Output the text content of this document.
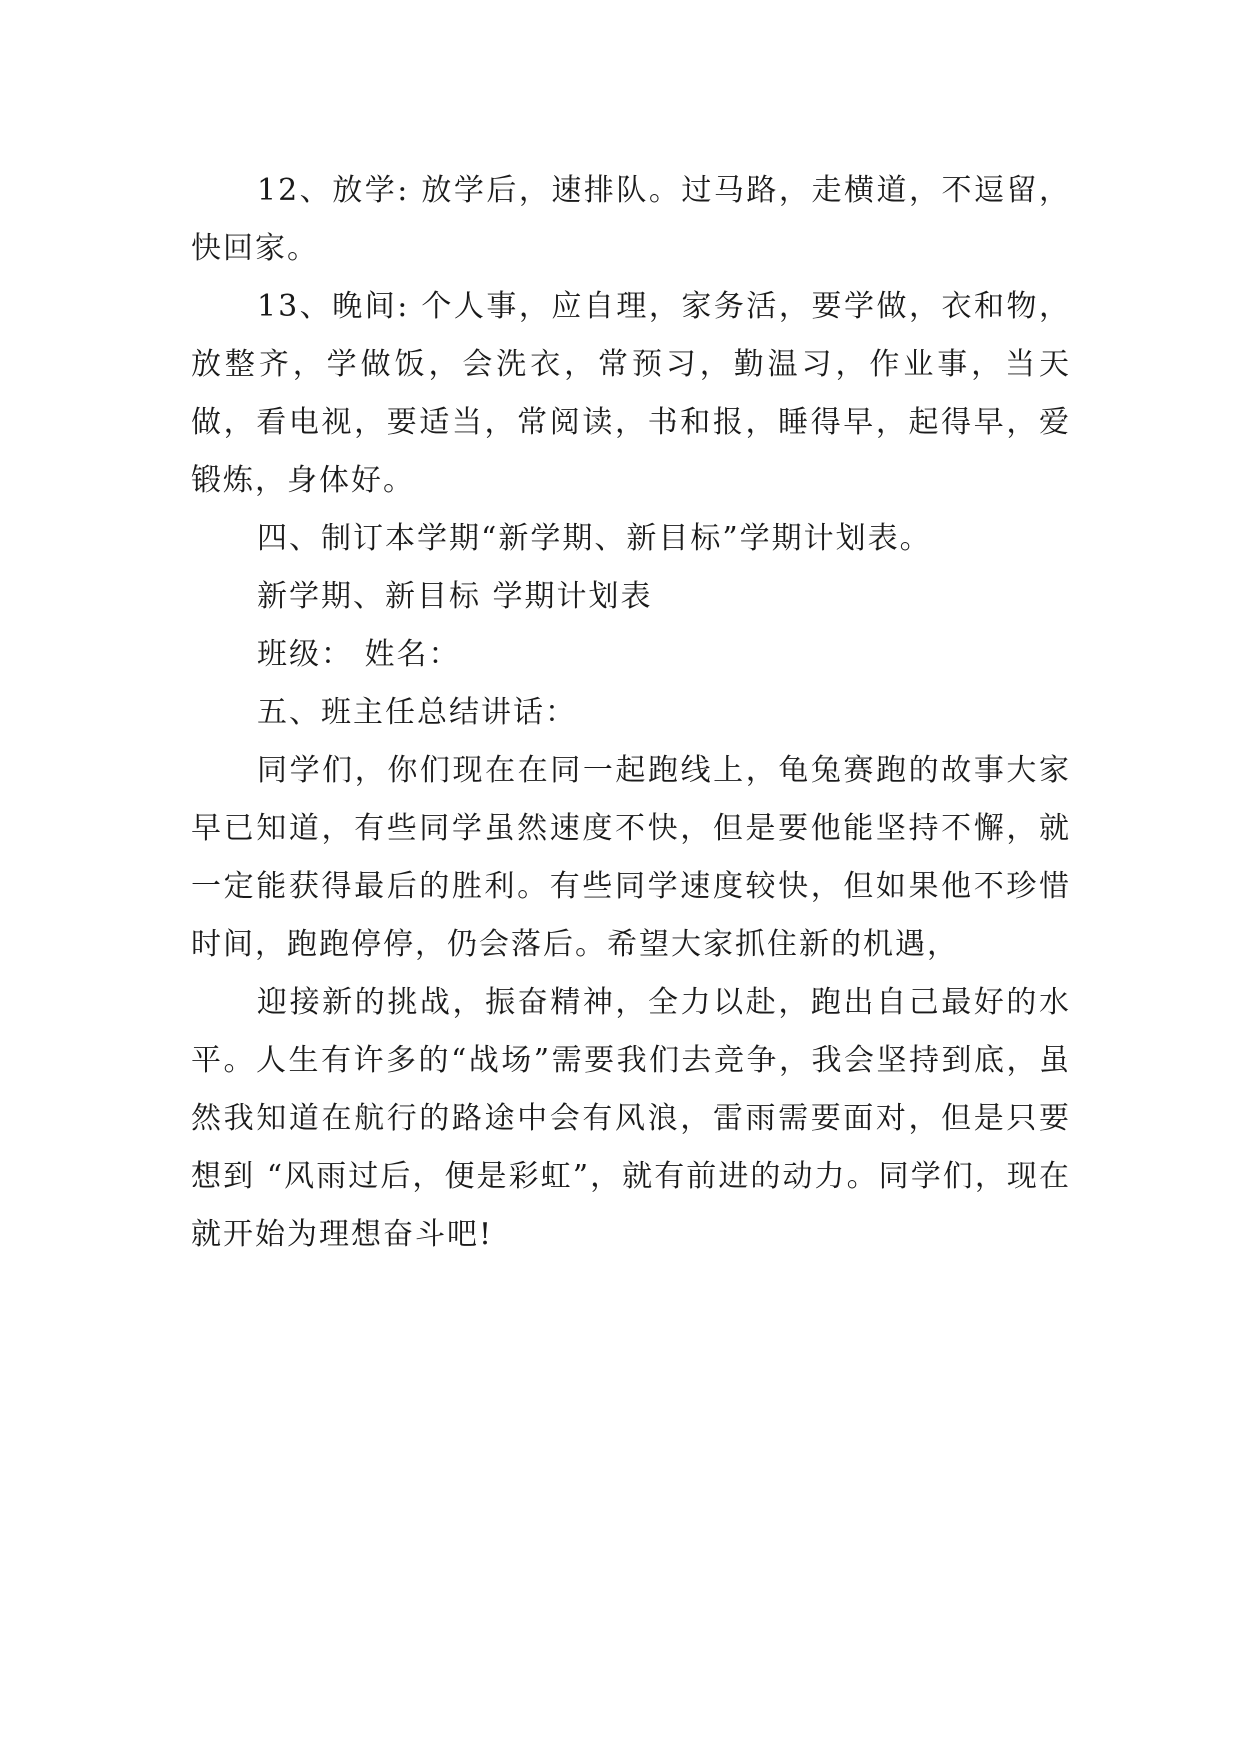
12、放学: 放学后，速排队。过马路，走横道，不逗留，快回家。

13、晚间: 个人事，应自理，家务活，要学做，衣和物，放整齐，学做饭，会洗衣，常预习，勤温习，作业事，当天做，看电视，要适当，常阅读，书和报，睡得早，起得早，爱锻炼，身体好。

四、制订本学期“新学期、新目标”学期计划表。

新学期、新目标 学期计划表

班级： 姓名：

五、班主任总结讲话：

同学们，你们现在在同一起跑线上，龟兔赛跑的故事大家早已知道，有些同学虽然速度不快，但是要他能坚持不懈，就一定能获得最后的胜利。有些同学速度较快，但如果他不珍惜时间，跑跑停停，仍会落后。希望大家抓住新的机遇，

迎接新的挑战，振奋精神，全力以赴，跑出自己最好的水平。人生有许多的“战场”需要我们去竞争，我会坚持到底，虽然我知道在航行的路途中会有风浪，雷雨需要面对，但是只要想到 “风雨过后，便是彩虹”，就有前进的动力。同学们，现在就开始为理想奋斗吧!
